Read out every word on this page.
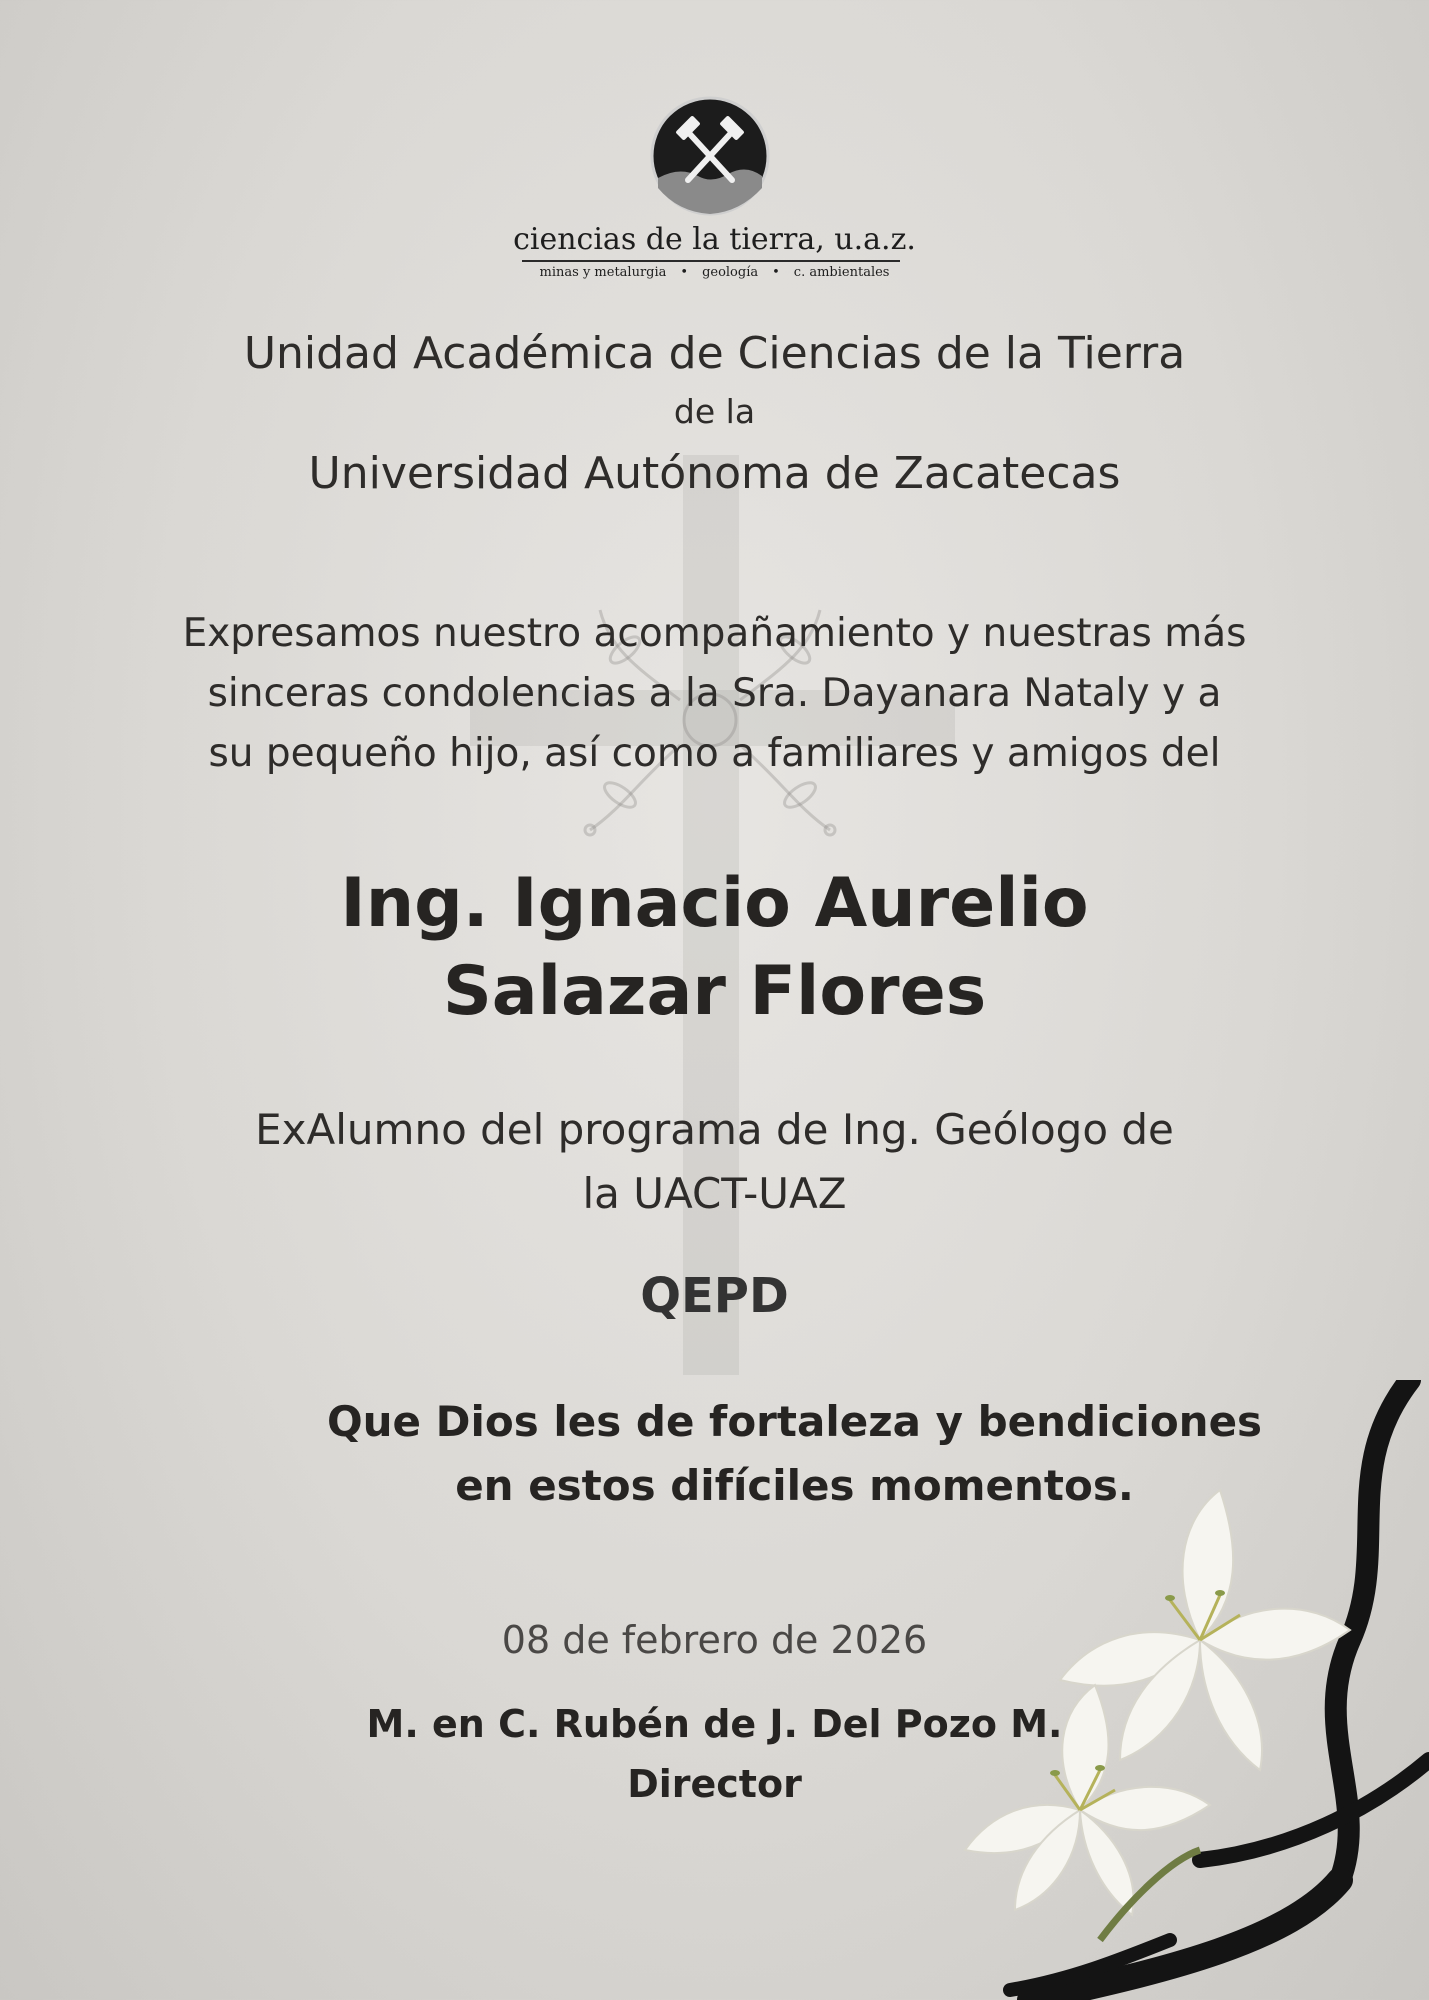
ciencias de la tierra, u.a.z.
minas y metalurgia • geología • c. ambientales
Unidad Académica de Ciencias de la Tierra
de la
Universidad Autónoma de Zacatecas
Expresamos nuestro acompañamiento y nuestras más
sinceras condolencias a la Sra. Dayanara Nataly y a
su pequeño hijo, así como a familiares y amigos del
Ing. Ignacio Aurelio
Salazar Flores
ExAlumno del programa de Ing. Geólogo de
la UACT-UAZ
QEPD
Que Dios les de fortaleza y bendiciones
en estos difíciles momentos.
08 de febrero de 2026
M. en C. Rubén de J. Del Pozo M.
Director
